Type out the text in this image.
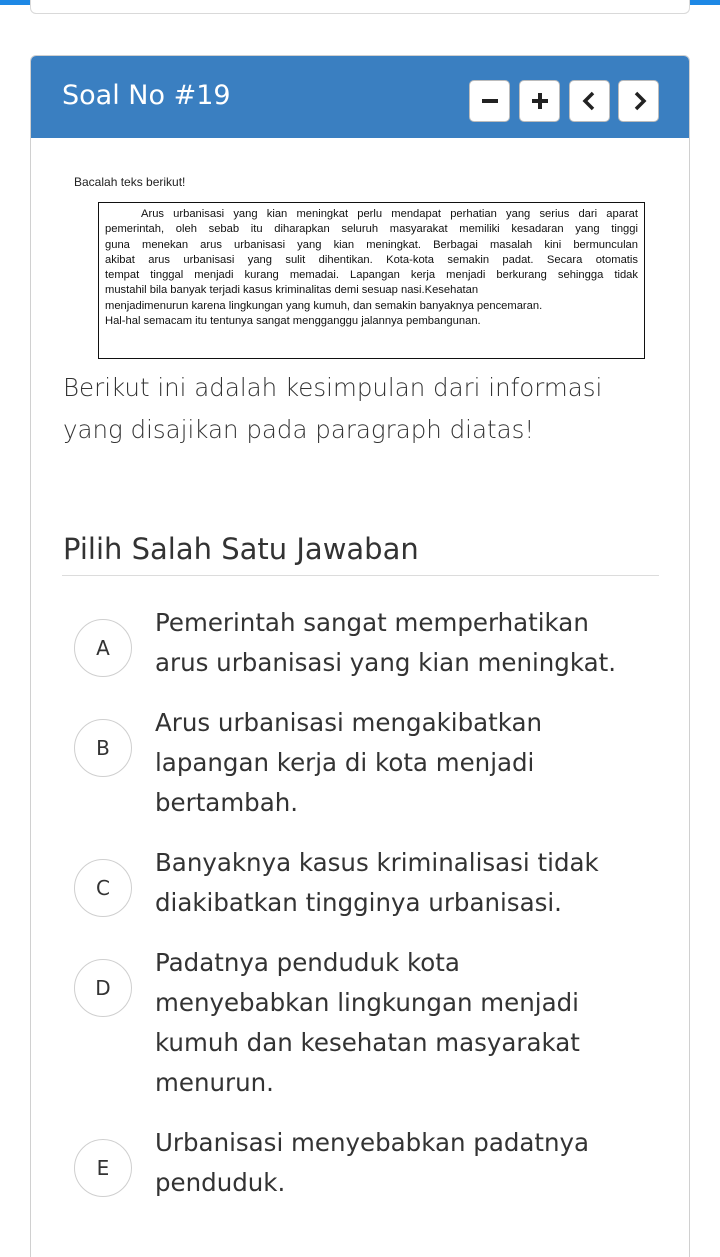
Soal No #19
Bacalah teks berikut!
Arus urbanisasi yang kian meningkat perlu mendapat perhatian yang serius dari aparat
pemerintah, oleh sebab itu diharapkan seluruh masyarakat memiliki kesadaran yang tinggi
guna menekan arus urbanisasi yang kian meningkat. Berbagai masalah kini bermunculan
akibat arus urbanisasi yang sulit dihentikan. Kota-kota semakin padat. Secara otomatis
tempat tinggal menjadi kurang memadai. Lapangan kerja menjadi berkurang sehingga tidak
mustahil bila banyak terjadi kasus kriminalitas demi sesuap nasi.Kesehatan
menjadimenurun karena lingkungan yang kumuh, dan semakin banyaknya pencemaran.
Hal-hal semacam itu tentunya sangat mengganggu jalannya pembangunan.
Berikut ini adalah kesimpulan dari informasi yang disajikan pada paragraph diatas!
Pilih Salah Satu Jawaban
A
Pemerintah sangat memperhatikan
arus urbanisasi yang kian meningkat.
B
Arus urbanisasi mengakibatkan
lapangan kerja di kota menjadi
bertambah.
C
Banyaknya kasus kriminalisasi tidak
diakibatkan tingginya urbanisasi.
D
Padatnya penduduk kota
menyebabkan lingkungan menjadi
kumuh dan kesehatan masyarakat
menurun.
E
Urbanisasi menyebabkan padatnya
penduduk.
